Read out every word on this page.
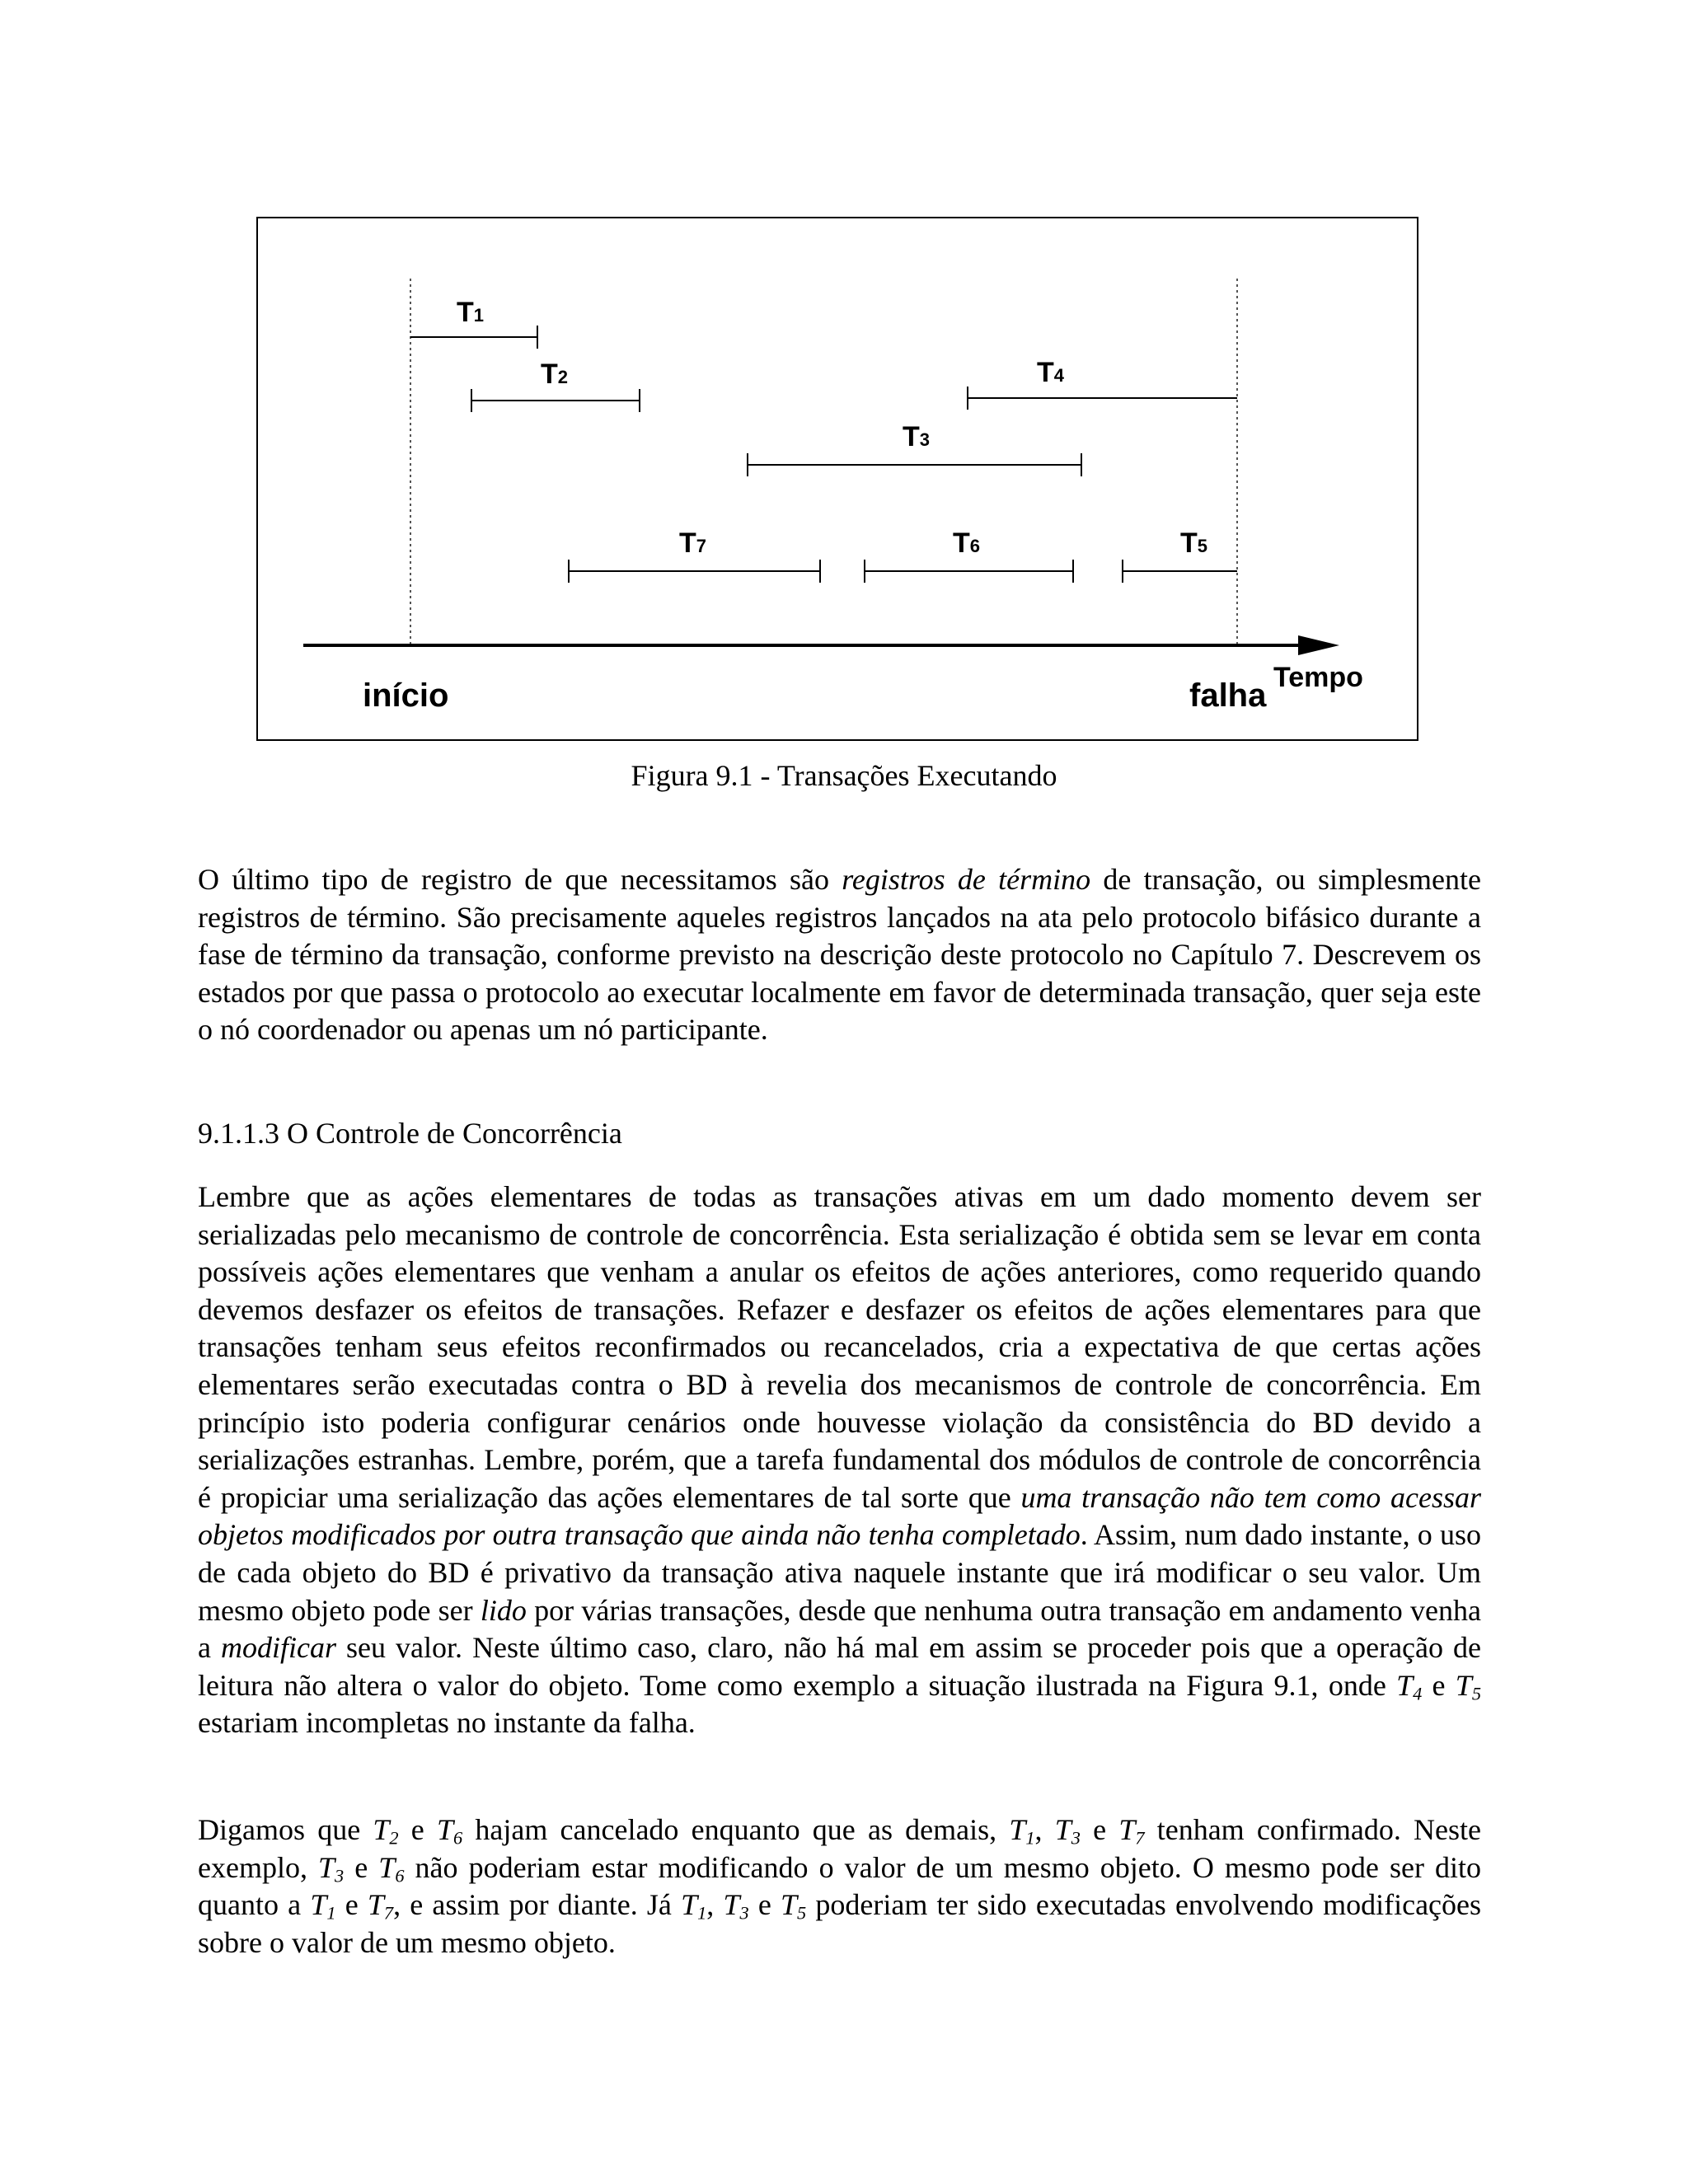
T1
T2	T4
T3
T7	T6	T5
início	falha Tempo
Figura 9.1 - Transações Executando
O último tipo de registro de que necessitamos são registros de término de transação, ou simplesmente registros de término. São precisamente aqueles registros lançados na ata pelo protocolo bifásico durante a fase de término da transação, conforme previsto na descrição deste protocolo no Capítulo 7. Descrevem os estados por que passa o protocolo ao executar localmente em favor de determinada transação, quer seja este o nó coordenador ou apenas um nó participante.
9.1.1.3 O Controle de Concorrência
Lembre que as ações elementares de todas as transações ativas em um dado momento devem ser serializadas pelo mecanismo de controle de concorrência. Esta serialização é obtida sem se levar em conta possíveis ações elementares que venham a anular os efeitos de ações anteriores, como requerido quando devemos desfazer os efeitos de transações. Refazer e desfazer os efeitos de ações elementares para que transações tenham seus efeitos reconfirmados ou recancelados, cria a expectativa de que certas ações elementares serão executadas contra o BD à revelia dos mecanismos de controle de concorrência. Em princípio isto poderia configurar cenários onde houvesse violação da consistência do BD devido a serializações estranhas. Lembre, porém, que a tarefa fundamental dos módulos de controle de concorrência é propiciar uma serialização das ações elementares de tal sorte que uma transação não tem como acessar objetos modificados por outra transação que ainda não tenha completado. Assim, num dado instante, o uso de cada objeto do BD é privativo da transação ativa naquele instante que irá modificar o seu valor. Um mesmo objeto pode ser lido por várias transações, desde que nenhuma outra transação em andamento venha a modificar seu valor. Neste último caso, claro, não há mal em assim se proceder pois que a operação de leitura não altera o valor do objeto. Tome como exemplo a situação ilustrada na Figura 9.1, onde $T_4$ e $T_5$ estariam incompletas no instante da falha.
Digamos que $T_2$ e $T_6$ hajam cancelado enquanto que as demais, $T_1$, $T_3$ e $T_7$ tenham confirmado. Neste exemplo, $T_3$ e $T_6$ não poderiam estar modificando o valor de um mesmo objeto. O mesmo pode ser dito quanto a $T_1$ e $T_7$, e assim por diante. Já $T_1$, $T_3$ e $T_5$ poderiam ter sido executadas envolvendo modificações sobre o valor de um mesmo objeto.
